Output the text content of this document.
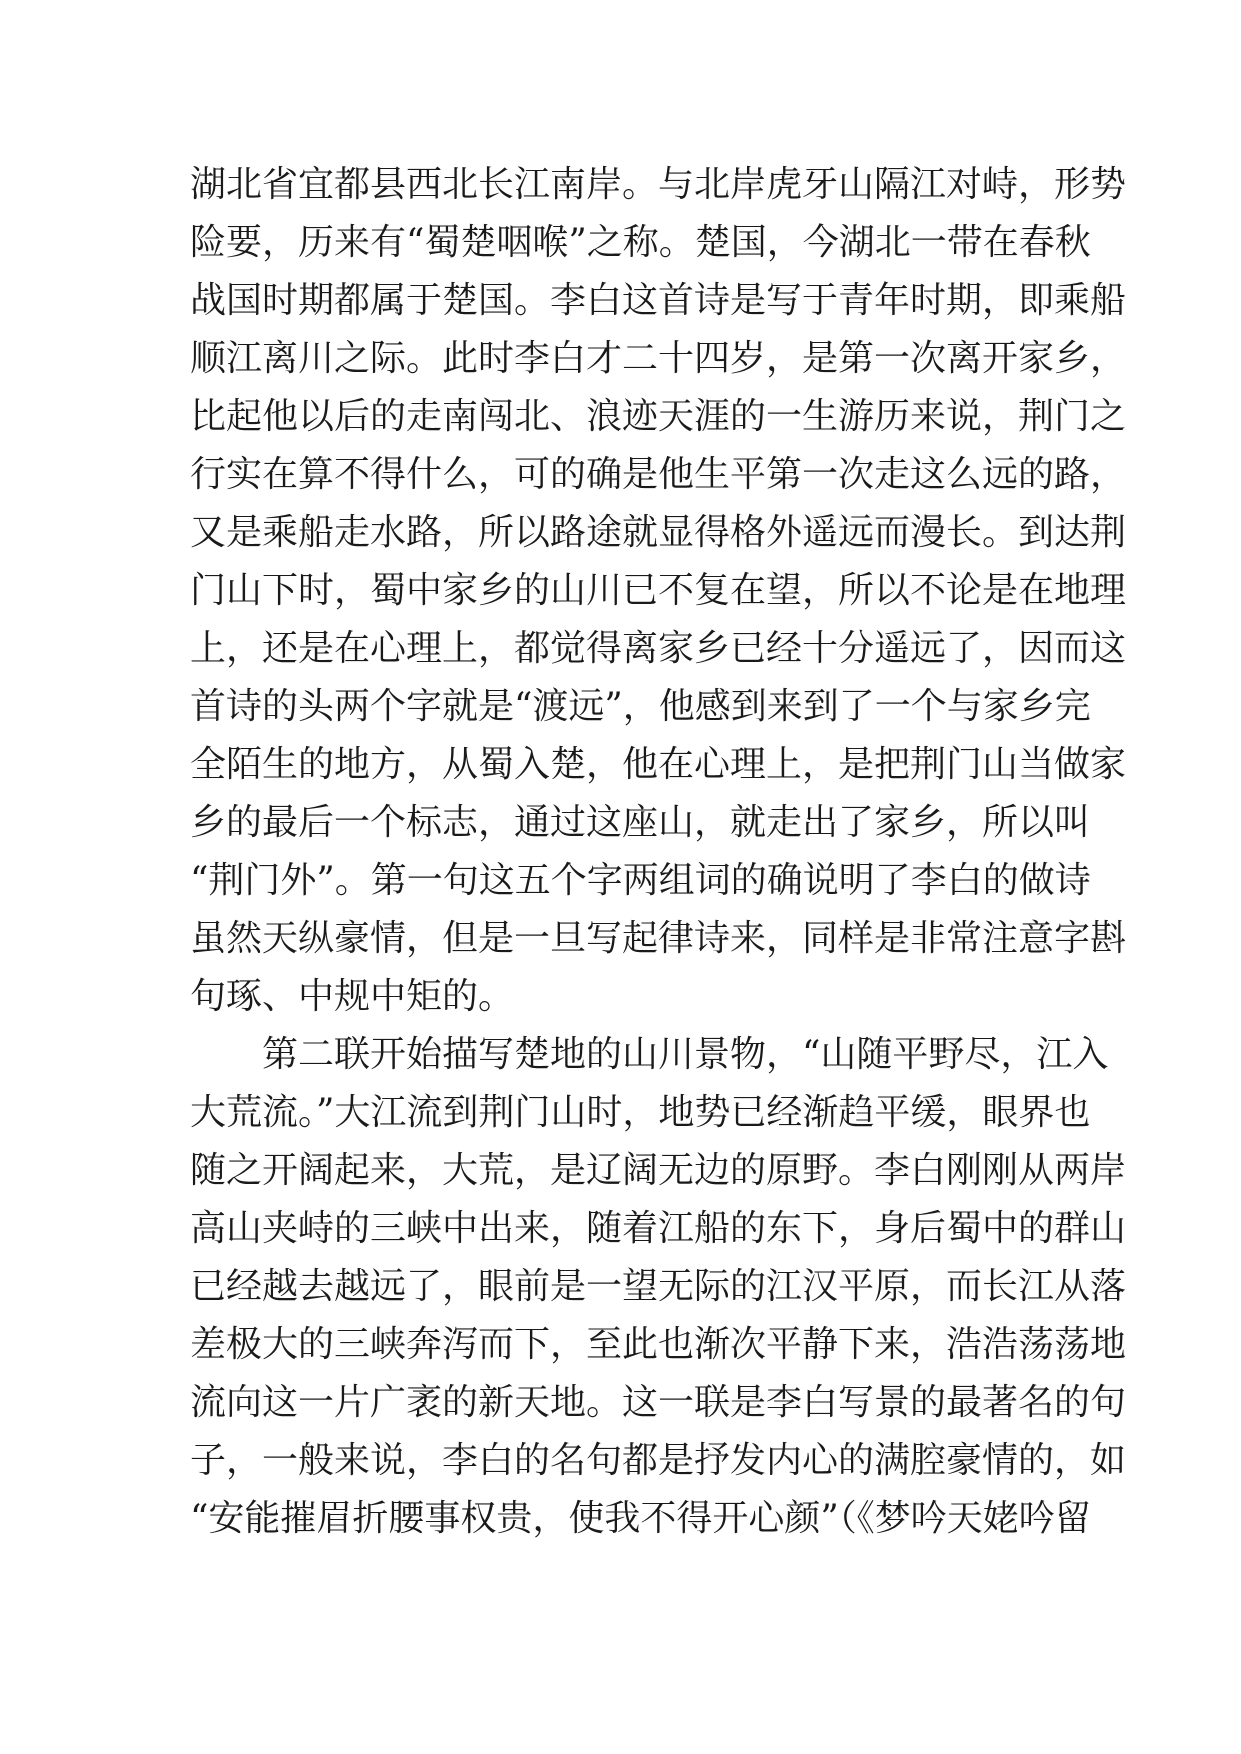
湖北省宜都县西北长江南岸。与北岸虎牙山隔江对峙，形势
险要，历来有“蜀楚咽喉”之称。楚国，今湖北一带在春秋
战国时期都属于楚国。李白这首诗是写于青年时期，即乘船
顺江离川之际。此时李白才二十四岁，是第一次离开家乡，
比起他以后的走南闯北、浪迹天涯的一生游历来说，荆门之
行实在算不得什么，可的确是他生平第一次走这么远的路，
又是乘船走水路，所以路途就显得格外遥远而漫长。到达荆
门山下时，蜀中家乡的山川已不复在望，所以不论是在地理
上，还是在心理上，都觉得离家乡已经十分遥远了，因而这
首诗的头两个字就是“渡远”，他感到来到了一个与家乡完
全陌生的地方，从蜀入楚，他在心理上，是把荆门山当做家
乡的最后一个标志，通过这座山，就走出了家乡，所以叫
“荆门外”。第一句这五个字两组词的确说明了李白的做诗
虽然天纵豪情，但是一旦写起律诗来，同样是非常注意字斟
句琢、中规中矩的。
第二联开始描写楚地的山川景物，“山随平野尽，江入
大荒流。”大江流到荆门山时，地势已经渐趋平缓，眼界也
随之开阔起来，大荒，是辽阔无边的原野。李白刚刚从两岸
高山夹峙的三峡中出来，随着江船的东下，身后蜀中的群山
已经越去越远了，眼前是一望无际的江汉平原，而长江从落
差极大的三峡奔泻而下，至此也渐次平静下来，浩浩荡荡地
流向这一片广袤的新天地。这一联是李白写景的最著名的句
子，一般来说，李白的名句都是抒发内心的满腔豪情的，如
“安能摧眉折腰事权贵，使我不得开心颜”（《梦吟天姥吟留
